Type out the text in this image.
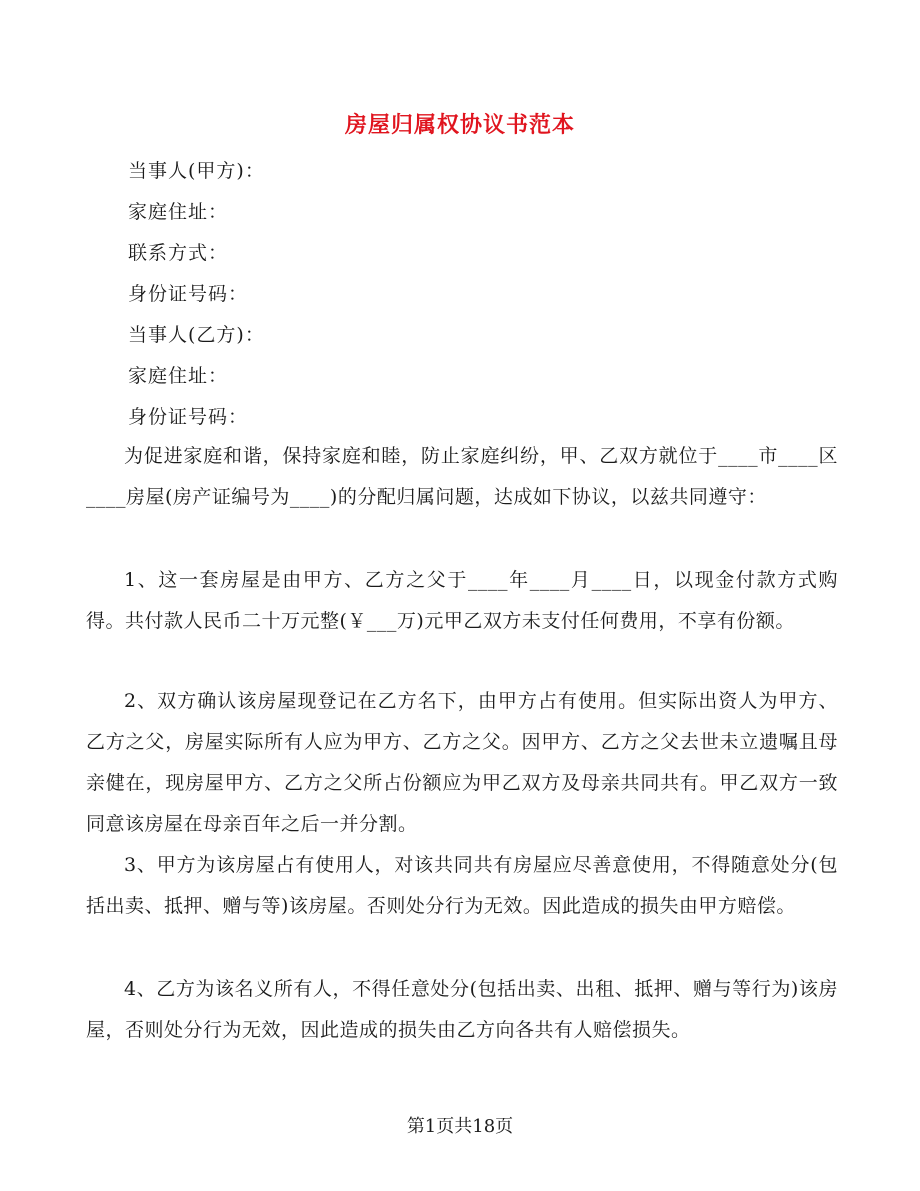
房屋归属权协议书范本
当事人(甲方)：
家庭住址：
联系方式：
身份证号码：
当事人(乙方)：
家庭住址：
身份证号码：
为促进家庭和谐，保持家庭和睦，防止家庭纠纷，甲、乙双方就位于____市____区____房屋(房产证编号为____)的分配归属问题，达成如下协议，以兹共同遵守：
1、这一套房屋是由甲方、乙方之父于____年____月____日，以现金付款方式购得。共付款人民币二十万元整(￥___万)元甲乙双方未支付任何费用，不享有份额。
2、双方确认该房屋现登记在乙方名下，由甲方占有使用。但实际出资人为甲方、乙方之父，房屋实际所有人应为甲方、乙方之父。因甲方、乙方之父去世未立遗嘱且母亲健在，现房屋甲方、乙方之父所占份额应为甲乙双方及母亲共同共有。甲乙双方一致同意该房屋在母亲百年之后一并分割。
3、甲方为该房屋占有使用人，对该共同共有房屋应尽善意使用，不得随意处分(包括出卖、抵押、赠与等)该房屋。否则处分行为无效。因此造成的损失由甲方赔偿。
4、乙方为该名义所有人，不得任意处分(包括出卖、出租、抵押、赠与等行为)该房屋，否则处分行为无效，因此造成的损失由乙方向各共有人赔偿损失。
第1页共18页
